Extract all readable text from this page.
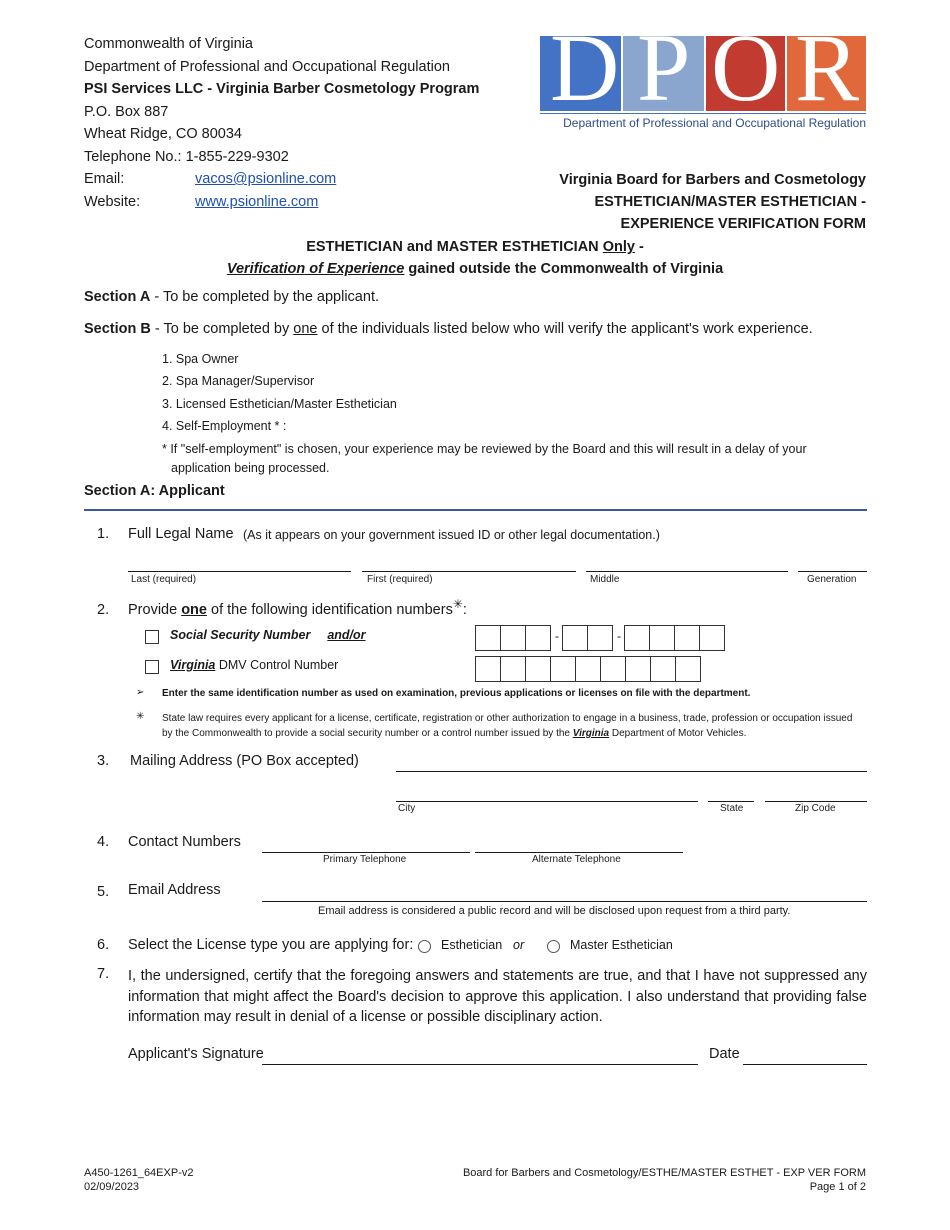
Commonwealth of Virginia
Department of Professional and Occupational Regulation
PSI Services LLC - Virginia Barber Cosmetology Program
P.O. Box 887
Wheat Ridge, CO 80034
Telephone No.: 1-855-229-9302
Email:	vacos@psionline.com
Website:	www.psionline.com
D P O R
Department of Professional and Occupational Regulation
Virginia Board for Barbers and Cosmetology
ESTHETICIAN/MASTER ESTHETICIAN -
EXPERIENCE VERIFICATION FORM
ESTHETICIAN and MASTER ESTHETICIAN Only -
Verification of Experience gained outside the Commonwealth of Virginia
Section A - To be completed by the applicant.
Section B - To be completed by one of the individuals listed below who will verify the applicant's work experience.
1. Spa Owner
2. Spa Manager/Supervisor
3. Licensed Esthetician/Master Esthetician
4. Self-Employment * :
* If "self-employment" is chosen, your experience may be reviewed by the Board and this will result in a delay of your
application being processed.
Section A: Applicant
1. Full Legal Name (As it appears on your government issued ID or other legal documentation.)
Last (required)	First (required)	Middle	Generation
2. Provide one of the following identification numbers✳:
Social Security Number and/or	-	-
Virginia DMV Control Number
➢ Enter the same identification number as used on examination, previous applications or licenses on file with the department.
✳ State law requires every applicant for a license, certificate, registration or other authorization to engage in a business, trade, profession or occupation issued
by the Commonwealth to provide a social security number or a control number issued by the Virginia Department of Motor Vehicles.
3. Mailing Address (PO Box accepted)
City	State	Zip Code
4. Contact Numbers
Primary Telephone	Alternate Telephone
5. Email Address
Email address is considered a public record and will be disclosed upon request from a third party.
6. Select the License type you are applying for: Esthetician or	Master Esthetician
7. I, the undersigned, certify that the foregoing answers and statements are true, and that I have not suppressed any
information that might affect the Board's decision to approve this application. I also understand that providing false
information may result in denial of a license or possible disciplinary action.
Applicant's Signature	Date
A450-1261_64EXP-v2
02/09/2023
Board for Barbers and Cosmetology/ESTHE/MASTER ESTHET - EXP VER FORM
Page 1 of 2
